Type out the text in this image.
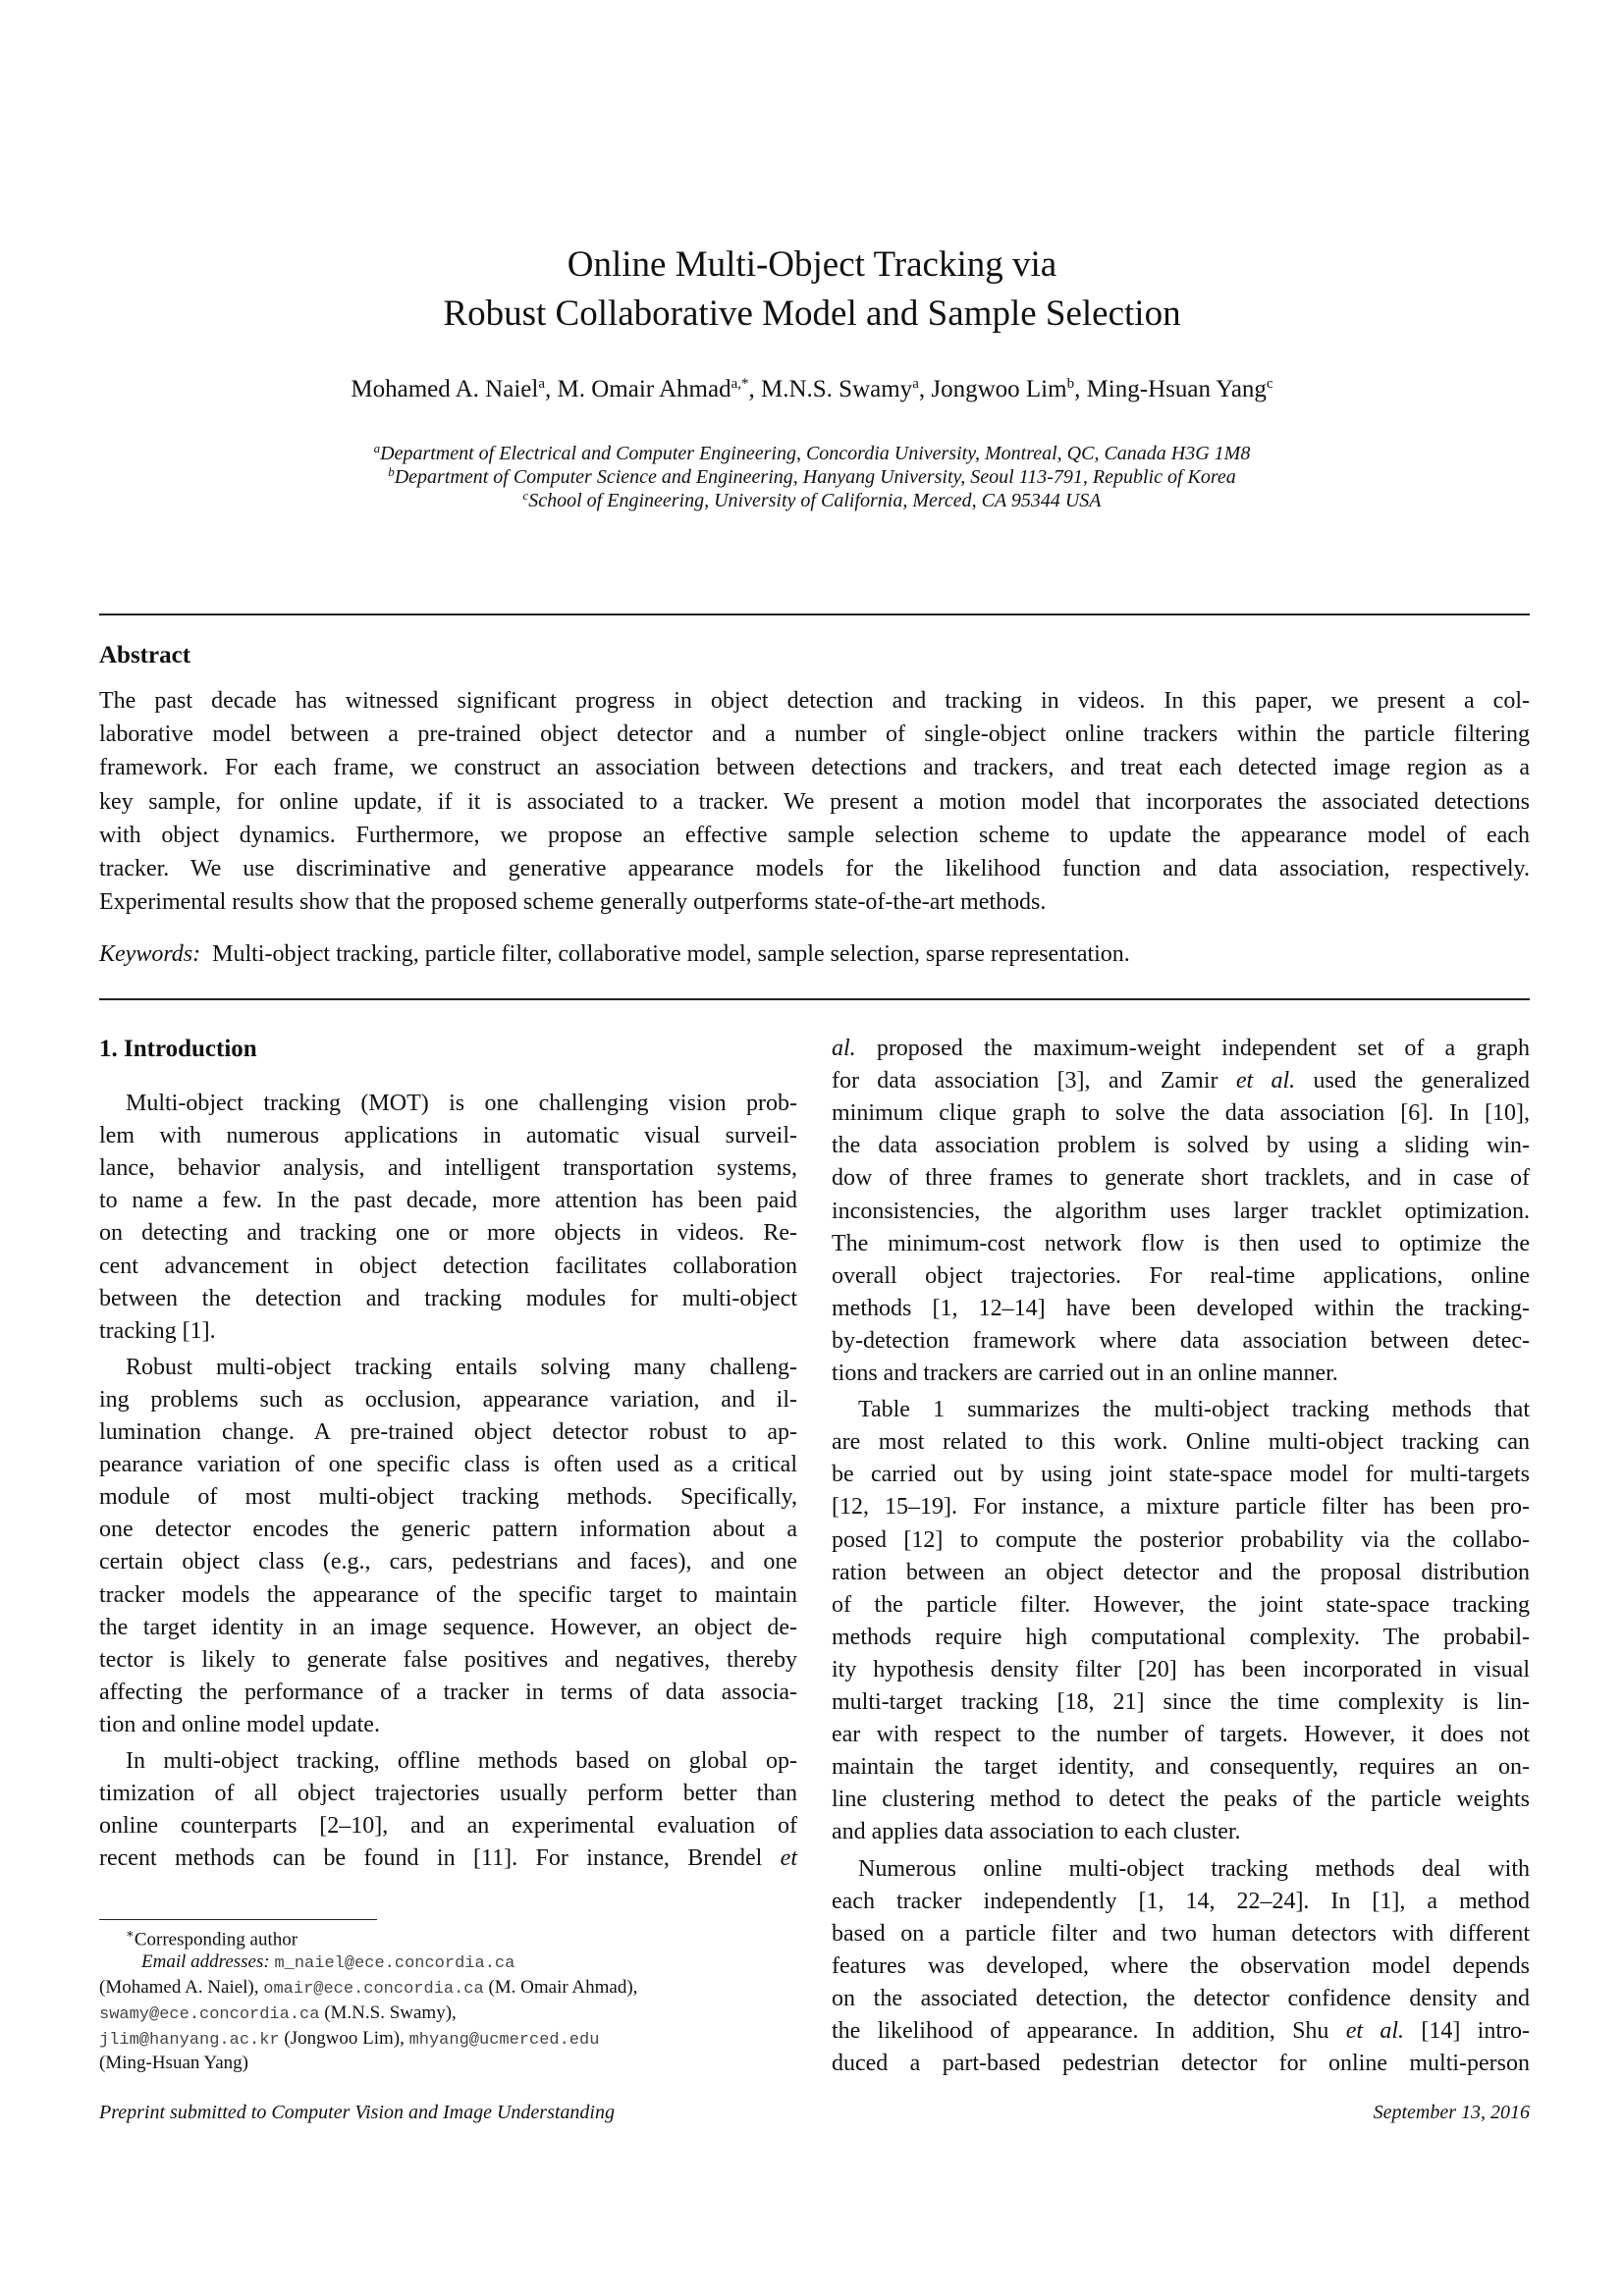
Online Multi-Object Tracking via
Robust Collaborative Model and Sample Selection
Mohamed A. Naiel$^a$, M. Omair Ahmad$^{a,*}$, M.N.S. Swamy$^a$, Jongwoo Lim$^b$, Ming-Hsuan Yang$^c$
$^a$Department of Electrical and Computer Engineering, Concordia University, Montreal, QC, Canada H3G 1M8
$^b$Department of Computer Science and Engineering, Hanyang University, Seoul 113-791, Republic of Korea
$^c$School of Engineering, University of California, Merced, CA 95344 USA
Abstract
The past decade has witnessed significant progress in object detection and tracking in videos. In this paper, we present a col-
laborative model between a pre-trained object detector and a number of single-object online trackers within the particle filtering
framework. For each frame, we construct an association between detections and trackers, and treat each detected image region as a
key sample, for online update, if it is associated to a tracker. We present a motion model that incorporates the associated detections
with object dynamics. Furthermore, we propose an effective sample selection scheme to update the appearance model of each
tracker. We use discriminative and generative appearance models for the likelihood function and data association, respectively.
Experimental results show that the proposed scheme generally outperforms state-of-the-art methods.
Keywords: Multi-object tracking, particle filter, collaborative model, sample selection, sparse representation.
1. Introduction
Multi-object tracking (MOT) is one challenging vision prob-
lem with numerous applications in automatic visual surveil-
lance, behavior analysis, and intelligent transportation systems,
to name a few. In the past decade, more attention has been paid
on detecting and tracking one or more objects in videos. Re-
cent advancement in object detection facilitates collaboration
between the detection and tracking modules for multi-object
tracking [1].
Robust multi-object tracking entails solving many challeng-
ing problems such as occlusion, appearance variation, and il-
lumination change. A pre-trained object detector robust to ap-
pearance variation of one specific class is often used as a critical
module of most multi-object tracking methods. Specifically,
one detector encodes the generic pattern information about a
certain object class (e.g., cars, pedestrians and faces), and one
tracker models the appearance of the specific target to maintain
the target identity in an image sequence. However, an object de-
tector is likely to generate false positives and negatives, thereby
affecting the performance of a tracker in terms of data associa-
tion and online model update.
In multi-object tracking, offline methods based on global op-
timization of all object trajectories usually perform better than
online counterparts [2–10], and an experimental evaluation of
recent methods can be found in [11]. For instance, Brendel et
al. proposed the maximum-weight independent set of a graph
for data association [3], and Zamir et al. used the generalized
minimum clique graph to solve the data association [6]. In [10],
the data association problem is solved by using a sliding win-
dow of three frames to generate short tracklets, and in case of
inconsistencies, the algorithm uses larger tracklet optimization.
The minimum-cost network flow is then used to optimize the
overall object trajectories. For real-time applications, online
methods [1, 12–14] have been developed within the tracking-
by-detection framework where data association between detec-
tions and trackers are carried out in an online manner.
Table 1 summarizes the multi-object tracking methods that
are most related to this work. Online multi-object tracking can
be carried out by using joint state-space model for multi-targets
[12, 15–19]. For instance, a mixture particle filter has been pro-
posed [12] to compute the posterior probability via the collabo-
ration between an object detector and the proposal distribution
of the particle filter. However, the joint state-space tracking
methods require high computational complexity. The probabil-
ity hypothesis density filter [20] has been incorporated in visual
multi-target tracking [18, 21] since the time complexity is lin-
ear with respect to the number of targets. However, it does not
maintain the target identity, and consequently, requires an on-
line clustering method to detect the peaks of the particle weights
and applies data association to each cluster.
Numerous online multi-object tracking methods deal with
each tracker independently [1, 14, 22–24]. In [1], a method
based on a particle filter and two human detectors with different
features was developed, where the observation model depends
on the associated detection, the detector confidence density and
the likelihood of appearance. In addition, Shu et al. [14] intro-
duced a part-based pedestrian detector for online multi-person
∗Corresponding author
Email addresses: m_naiel@ece.concordia.ca
(Mohamed A. Naiel), omair@ece.concordia.ca (M. Omair Ahmad),
swamy@ece.concordia.ca (M.N.S. Swamy),
jlim@hanyang.ac.kr (Jongwoo Lim), mhyang@ucmerced.edu
(Ming-Hsuan Yang)
Preprint submitted to Computer Vision and Image Understanding	September 13, 2016
